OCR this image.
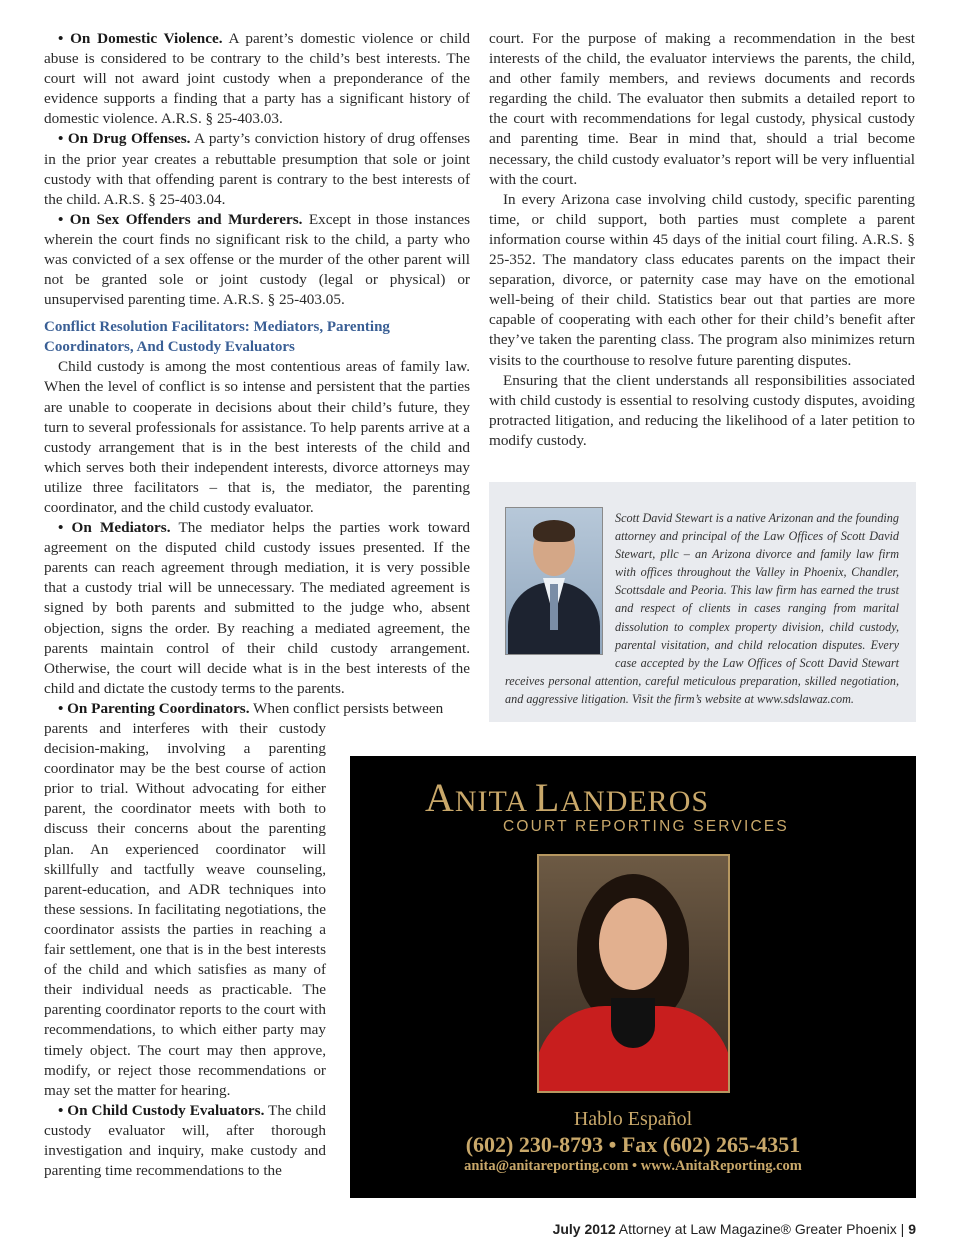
• On Domestic Violence. A parent’s domestic violence or child abuse is considered to be contrary to the child’s best interests. The court will not award joint custody when a preponderance of the evidence supports a finding that a party has a significant history of domestic violence. A.R.S. § 25-403.03.

• On Drug Offenses. A party’s conviction history of drug offenses in the prior year creates a rebuttable presumption that sole or joint custody with that offending parent is contrary to the best interests of the child. A.R.S. § 25-403.04.

• On Sex Offenders and Murderers. Except in those instances wherein the court finds no significant risk to the child, a party who was convicted of a sex offense or the murder of the other parent will not be granted sole or joint custody (legal or physical) or unsupervised parenting time. A.R.S. § 25-403.05.

Conflict Resolution Facilitators: Mediators, Parenting Coordinators, And Custody Evaluators

Child custody is among the most contentious areas of family law. When the level of conflict is so intense and persistent that the parties are unable to cooperate in decisions about their child’s future, they turn to several professionals for assistance. To help parents arrive at a custody arrangement that is in the best interests of the child and which serves both their independent interests, divorce attorneys may utilize three facilitators – that is, the mediator, the parenting coordinator, and the child custody evaluator.

• On Mediators. The mediator helps the parties work toward agreement on the disputed child custody issues presented. If the parents can reach agreement through mediation, it is very possible that a custody trial will be unnecessary. The mediated agreement is signed by both parents and submitted to the judge who, absent objection, signs the order. By reaching a mediated agreement, the parents maintain control of their child custody arrangement. Otherwise, the court will decide what is in the best interests of the child and dictate the custody terms to the parents.

• On Parenting Coordinators. When conflict persists between

parents and interferes with their custody decision-making, involving a parenting coordinator may be the best course of action prior to trial. Without advocating for either parent, the coordinator meets with both to discuss their concerns about the parenting plan. An experienced coordinator will skillfully and tactfully weave counseling, parent-education, and ADR techniques into these sessions. In facilitating negotiations, the coordinator assists the parties in reaching a fair settlement, one that is in the best interests of the child and which satisfies as many of their individual needs as practicable. The parenting coordinator reports to the court with recommendations, to which either party may timely object. The court may then approve, modify, or reject those recommendations or may set the matter for hearing.

• On Child Custody Evaluators. The child custody evaluator will, after thorough investigation and inquiry, make custody and parenting time recommendations to the

court. For the purpose of making a recommendation in the best interests of the child, the evaluator interviews the parents, the child, and other family members, and reviews documents and records regarding the child. The evaluator then submits a detailed report to the court with recommendations for legal custody, physical custody and parenting time. Bear in mind that, should a trial become necessary, the child custody evaluator’s report will be very influential with the court.

In every Arizona case involving child custody, specific parenting time, or child support, both parties must complete a parent information course within 45 days of the initial court filing. A.R.S. § 25-352. The mandatory class educates parents on the impact their separation, divorce, or paternity case may have on the emotional well-being of their child. Statistics bear out that parties are more capable of cooperating with each other for their child’s benefit after they’ve taken the parenting class. The program also minimizes return visits to the courthouse to resolve future parenting disputes.

Ensuring that the client understands all responsibilities associated with child custody is essential to resolving custody disputes, avoiding protracted litigation, and reducing the likelihood of a later petition to modify custody.

Scott David Stewart is a native Arizonan and the founding attorney and principal of the Law Offices of Scott David Stewart, pllc – an Arizona divorce and family law firm with offices throughout the Valley in Phoenix, Chandler, Scottsdale and Peoria. This law firm has earned the trust and respect of clients in cases ranging from marital dissolution to complex property division, child custody, parental visitation, and child relocation disputes. Every case accepted by the Law Offices of Scott David Stewart receives personal attention, careful meticulous preparation, skilled negotiation, and aggressive litigation. Visit the firm’s website at www.sdslawaz.com.
ANITA LANDEROS
COURT REPORTING SERVICES
Hablo Español
(602) 230-8793 • Fax (602) 265-4351
anita@anitareporting.com • www.AnitaReporting.com
July 2012 Attorney at Law Magazine® Greater Phoenix | 9
